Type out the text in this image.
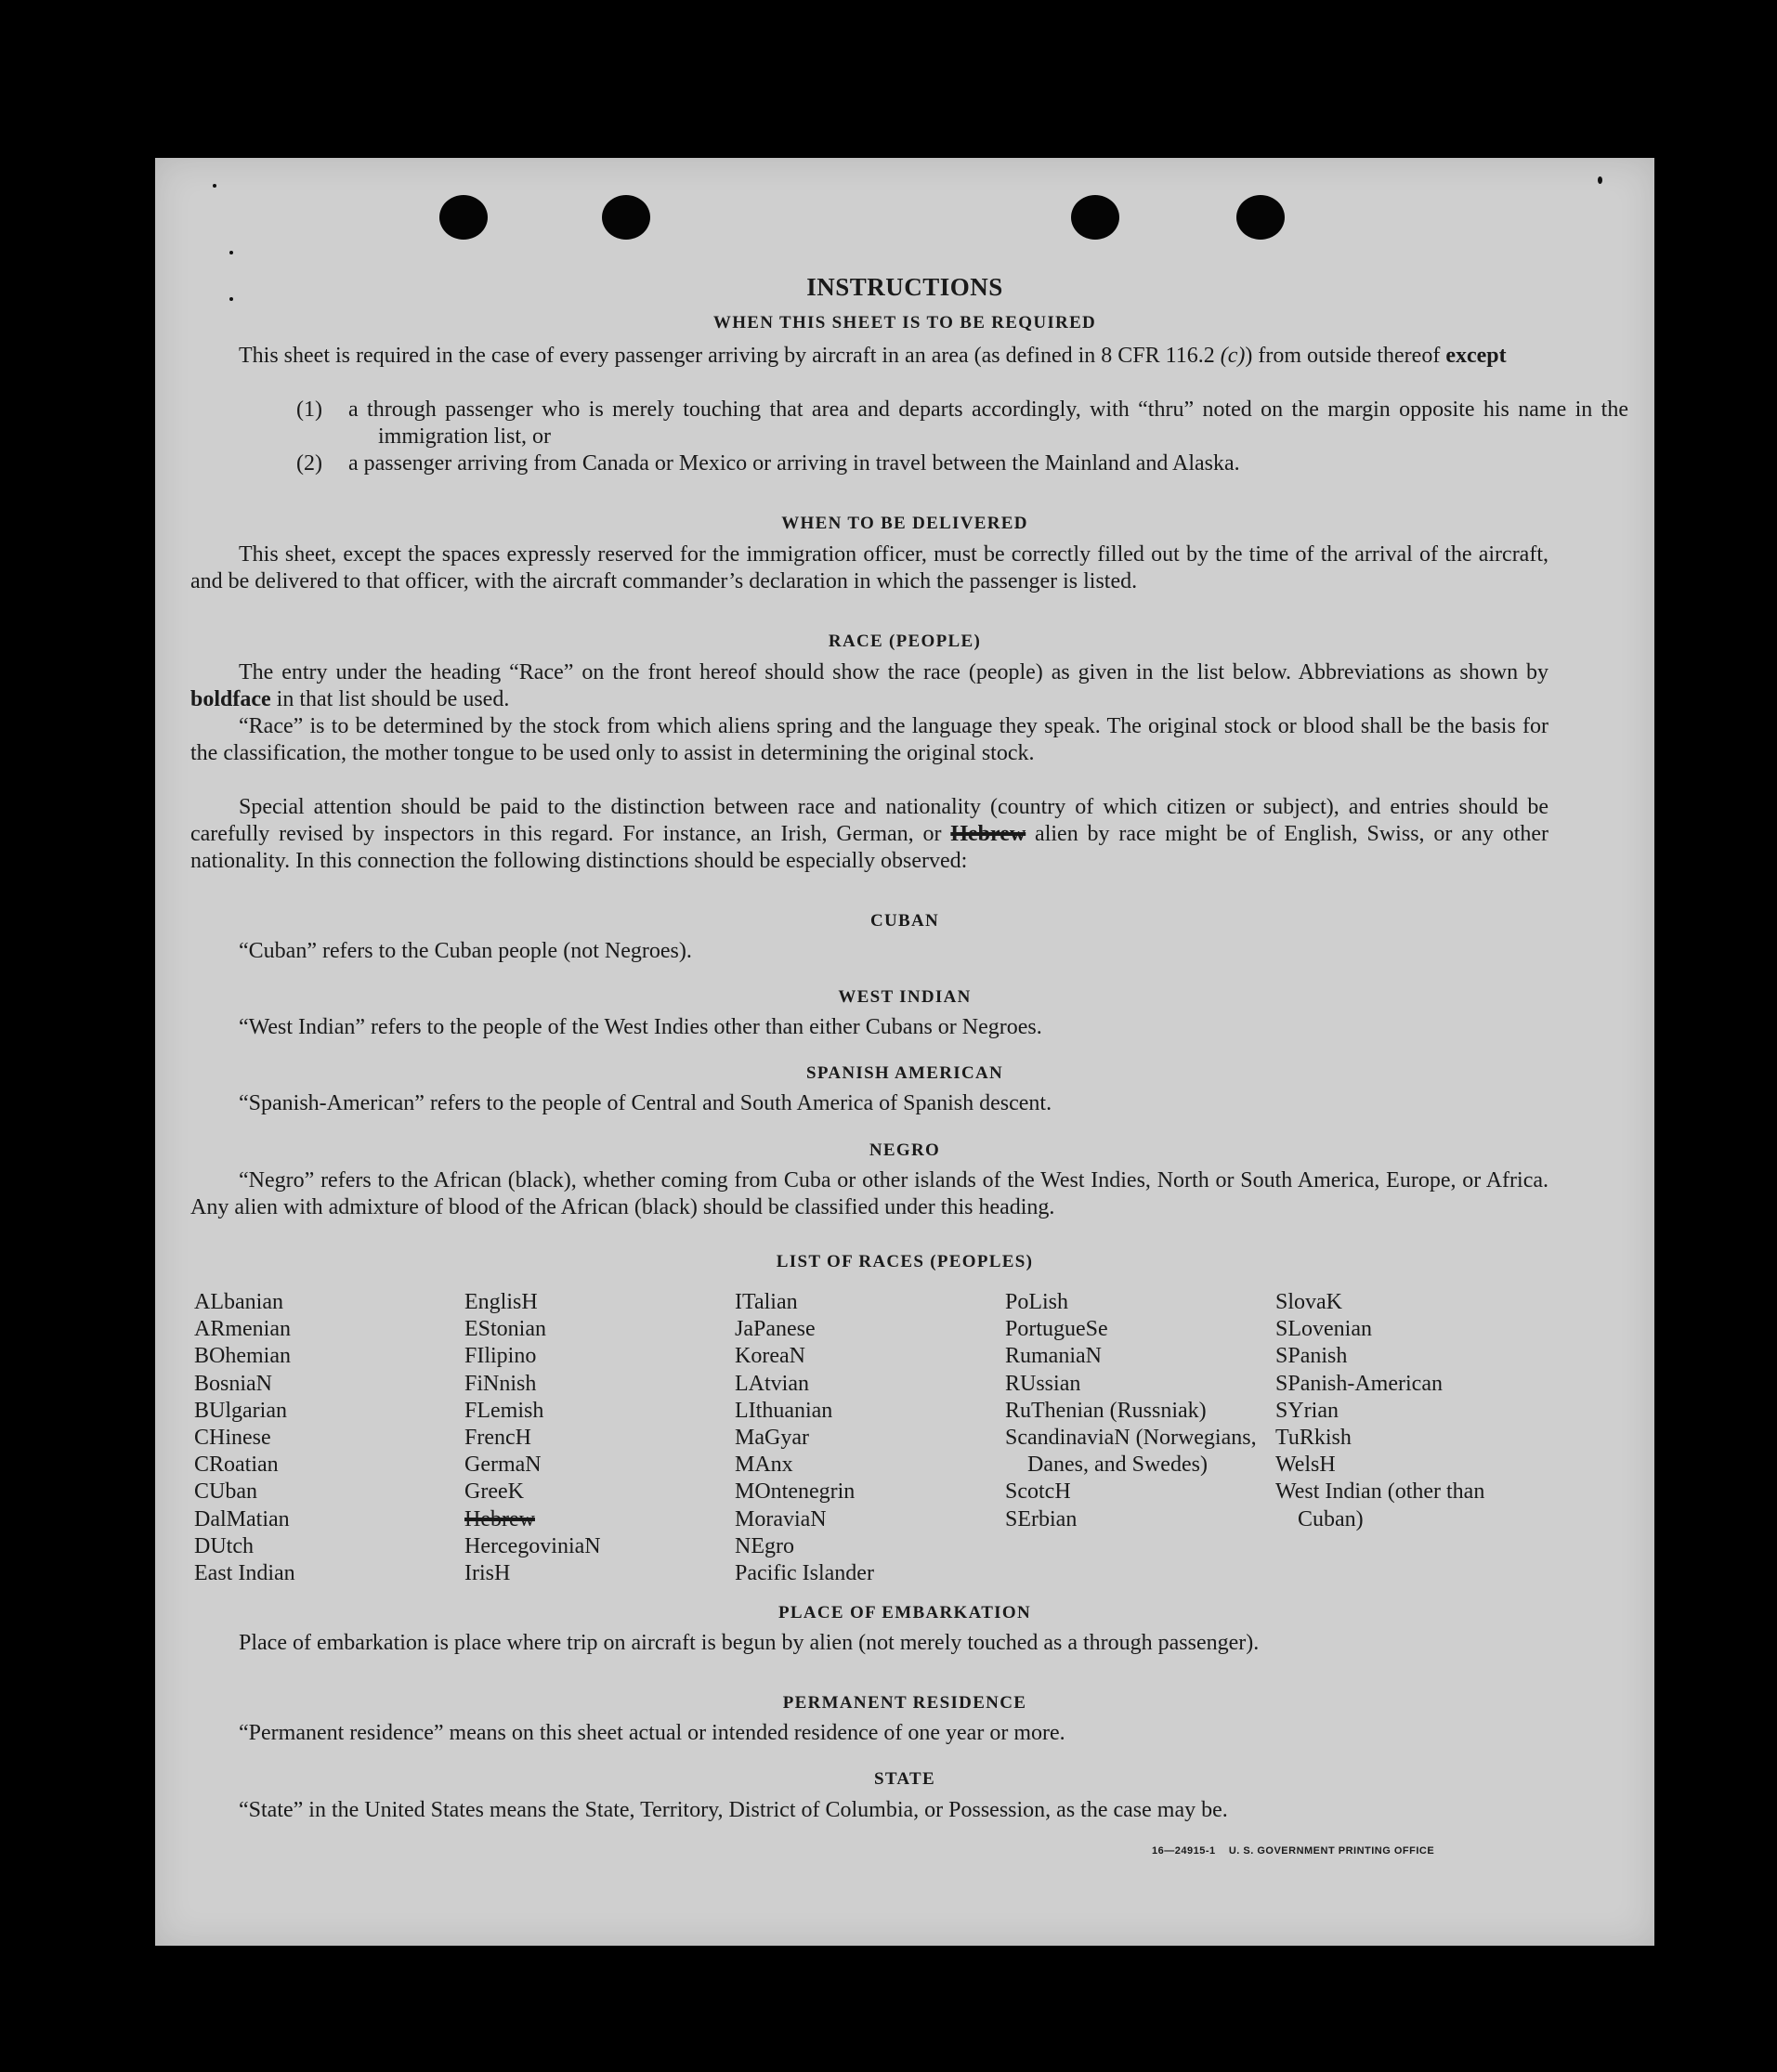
INSTRUCTIONS
WHEN THIS SHEET IS TO BE REQUIRED
This sheet is required in the case of every passenger arriving by aircraft in an area (as defined in 8 CFR 116.2 (c)) from outside thereof except
(1) a through passenger who is merely touching that area and departs accordingly, with “thru” noted on the margin opposite his name in the immigration list, or
(2) a passenger arriving from Canada or Mexico or arriving in travel between the Mainland and Alaska.
WHEN TO BE DELIVERED
This sheet, except the spaces expressly reserved for the immigration officer, must be correctly filled out by the time of the arrival of the aircraft, and be delivered to that officer, with the aircraft commander’s declaration in which the passenger is listed.
RACE (PEOPLE)
The entry under the heading “Race” on the front hereof should show the race (people) as given in the list below. Abbreviations as shown by boldface in that list should be used.
“Race” is to be determined by the stock from which aliens spring and the language they speak. The original stock or blood shall be the basis for the classification, the mother tongue to be used only to assist in determining the original stock.
Special attention should be paid to the distinction between race and nationality (country of which citizen or subject), and entries should be carefully revised by inspectors in this regard. For instance, an Irish, German, or Hebrew alien by race might be of English, Swiss, or any other nationality. In this connection the following distinctions should be especially observed:
CUBAN
“Cuban” refers to the Cuban people (not Negroes).
WEST INDIAN
“West Indian” refers to the people of the West Indies other than either Cubans or Negroes.
SPANISH AMERICAN
“Spanish-American” refers to the people of Central and South America of Spanish descent.
NEGRO
“Negro” refers to the African (black), whether coming from Cuba or other islands of the West Indies, North or South America, Europe, or Africa. Any alien with admixture of blood of the African (black) should be classified under this heading.
LIST OF RACES (PEOPLES)
ALbanian
ARmenian
BOhemian
BosniaN
BUlgarian
CHinese
CRoatian
CUban
DalMatian
DUtch
East Indian
EnglisH
EStonian
FIlipino
FiNnish
FLemish
FrencH
GermaN
GreeK
Hebrew
HercegoviniaN
IrisH
ITalian
JaPanese
KoreaN
LAtvian
LIthuanian
MaGyar
MAnx
MOntenegrin
MoraviaN
NEgro
Pacific Islander
PoLish
PortugueSe
RumaniaN
RUssian
RuThenian (Russniak)
ScandinaviaN (Norwegians, Danes, and Swedes)
ScotcH
SErbian
SlovaK
SLovenian
SPanish
SPanish-American
SYrian
TuRkish
WelsH
West Indian (other than Cuban)
PLACE OF EMBARKATION
Place of embarkation is place where trip on aircraft is begun by alien (not merely touched as a through passenger).
PERMANENT RESIDENCE
“Permanent residence” means on this sheet actual or intended residence of one year or more.
STATE
“State” in the United States means the State, Territory, District of Columbia, or Possession, as the case may be.
16—24915-1 U. S. GOVERNMENT PRINTING OFFICE
